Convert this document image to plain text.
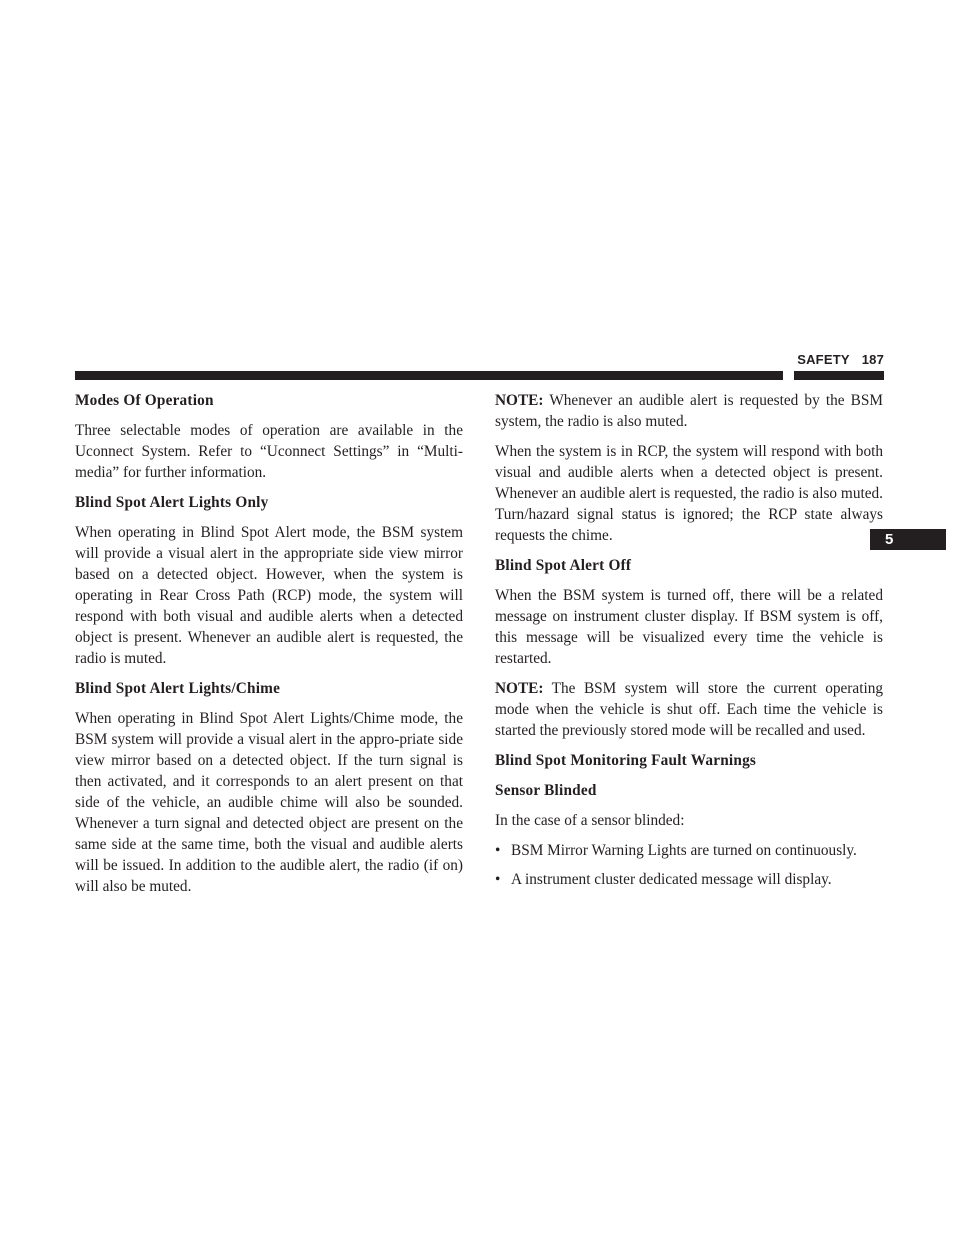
SAFETY 187
5
Modes Of Operation

Three selectable modes of operation are available in the Uconnect System. Refer to “Uconnect Settings” in “Multi-media” for further information.

Blind Spot Alert Lights Only

When operating in Blind Spot Alert mode, the BSM system will provide a visual alert in the appropriate side view mirror based on a detected object. However, when the system is operating in Rear Cross Path (RCP) mode, the system will respond with both visual and audible alerts when a detected object is present. Whenever an audible alert is requested, the radio is muted.

Blind Spot Alert Lights/Chime

When operating in Blind Spot Alert Lights/Chime mode, the BSM system will provide a visual alert in the appro-priate side view mirror based on a detected object. If the turn signal is then activated, and it corresponds to an alert present on that side of the vehicle, an audible chime will also be sounded. Whenever a turn signal and detected object are present on the same side at the same time, both the visual and audible alerts will be issued. In addition to the audible alert, the radio (if on) will also be muted.

NOTE: Whenever an audible alert is requested by the BSM system, the radio is also muted.

When the system is in RCP, the system will respond with both visual and audible alerts when a detected object is present. Whenever an audible alert is requested, the radio is also muted. Turn/hazard signal status is ignored; the RCP state always requests the chime.

Blind Spot Alert Off

When the BSM system is turned off, there will be a related message on instrument cluster display. If BSM system is off, this message will be visualized every time the vehicle is restarted.

NOTE: The BSM system will store the current operating mode when the vehicle is shut off. Each time the vehicle is started the previously stored mode will be recalled and used.

Blind Spot Monitoring Fault Warnings
Sensor Blinded

In the case of a sensor blinded:

• BSM Mirror Warning Lights are turned on continuously.
• A instrument cluster dedicated message will display.
